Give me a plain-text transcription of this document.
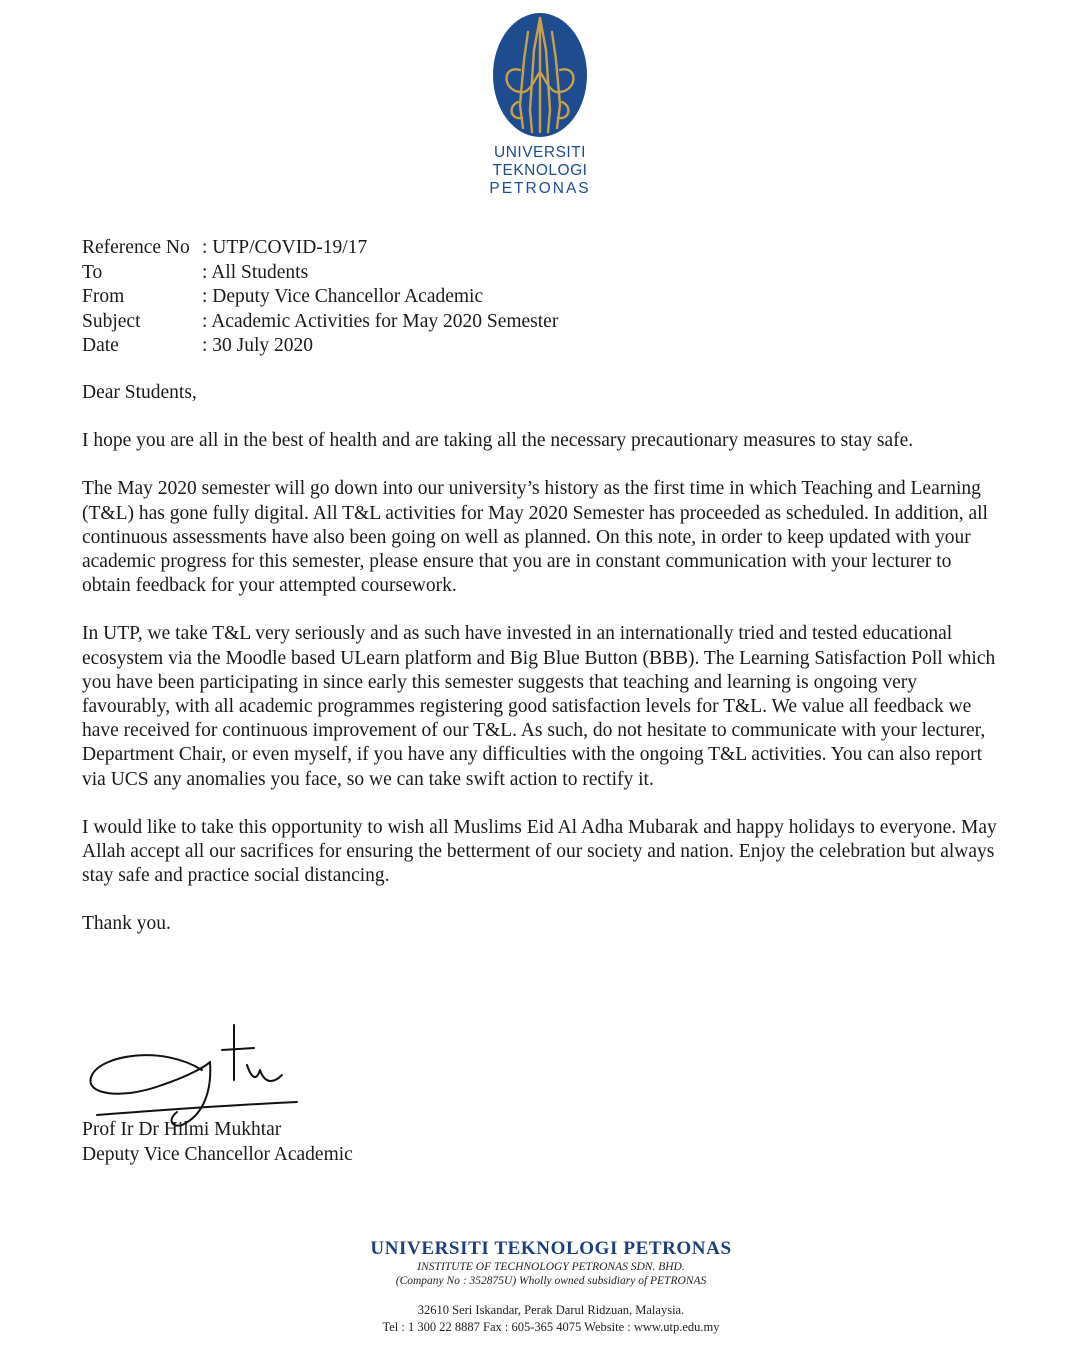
UNIVERSITI
TEKNOLOGI
PETRONAS
Reference No : UTP/COVID-19/17
To	: All Students
From	: Deputy Vice Chancellor Academic
Subject	: Academic Activities for May 2020 Semester
Date	: 30 July 2020

Dear Students,

I hope you are all in the best of health and are taking all the necessary precautionary measures to stay safe.

The May 2020 semester will go down into our university’s history as the first time in which Teaching and Learning (T&L) has gone fully digital. All T&L activities for May 2020 Semester has proceeded as scheduled. In addition, all continuous assessments have also been going on well as planned. On this note, in order to keep updated with your academic progress for this semester, please ensure that you are in constant communication with your lecturer to obtain feedback for your attempted coursework.

In UTP, we take T&L very seriously and as such have invested in an internationally tried and tested educational ecosystem via the Moodle based ULearn platform and Big Blue Button (BBB). The Learning Satisfaction Poll which you have been participating in since early this semester suggests that teaching and learning is ongoing very favourably, with all academic programmes registering good satisfaction levels for T&L. We value all feedback we have received for continuous improvement of our T&L. As such, do not hesitate to communicate with your lecturer, Department Chair, or even myself, if you have any difficulties with the ongoing T&L activities. You can also report via UCS any anomalies you face, so we can take swift action to rectify it.

I would like to take this opportunity to wish all Muslims Eid Al Adha Mubarak and happy holidays to everyone. May Allah accept all our sacrifices for ensuring the betterment of our society and nation. Enjoy the celebration but always stay safe and practice social distancing.

Thank you.

Prof Ir Dr Hilmi Mukhtar
Deputy Vice Chancellor Academic
UNIVERSITI TEKNOLOGI PETRONAS
INSTITUTE OF TECHNOLOGY PETRONAS SDN. BHD.
(Company No : 352875U) Wholly owned subsidiary of PETRONAS
32610 Seri Iskandar, Perak Darul Ridzuan, Malaysia.
Tel : 1 300 22 8887 Fax : 605-365 4075 Website : www.utp.edu.my
